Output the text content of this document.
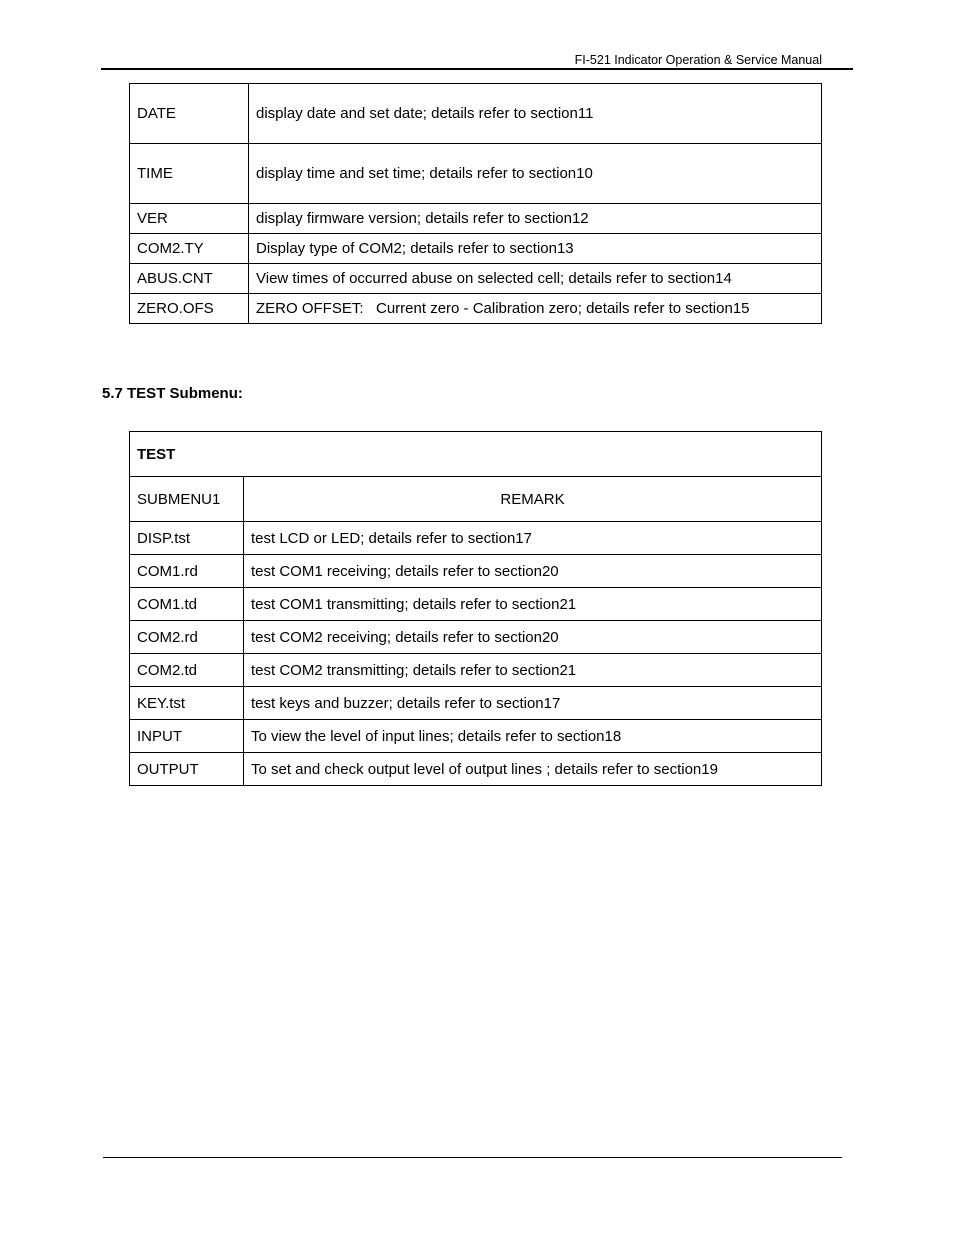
FI-521 Indicator Operation & Service Manual
DATE	display date and set date; details refer to section11
TIME	display time and set time; details refer to section10
VER	display firmware version; details refer to section12
COM2.TY	Display type of COM2; details refer to section13
ABUS.CNT	View times of occurred abuse on selected cell; details refer to section14
ZERO.OFS	ZERO OFFSET:   Current zero - Calibration zero; details refer to section15
5.7 TEST Submenu:
TEST	
SUBMENU1	REMARK
DISP.tst	test LCD or LED; details refer to section17
COM1.rd	test COM1 receiving; details refer to section20
COM1.td	test COM1 transmitting; details refer to section21
COM2.rd	test COM2 receiving; details refer to section20
COM2.td	test COM2 transmitting; details refer to section21
KEY.tst	test keys and buzzer; details refer to section17
INPUT	To view the level of input lines; details refer to section18
OUTPUT	To set and check output level of output lines ; details refer to section19
